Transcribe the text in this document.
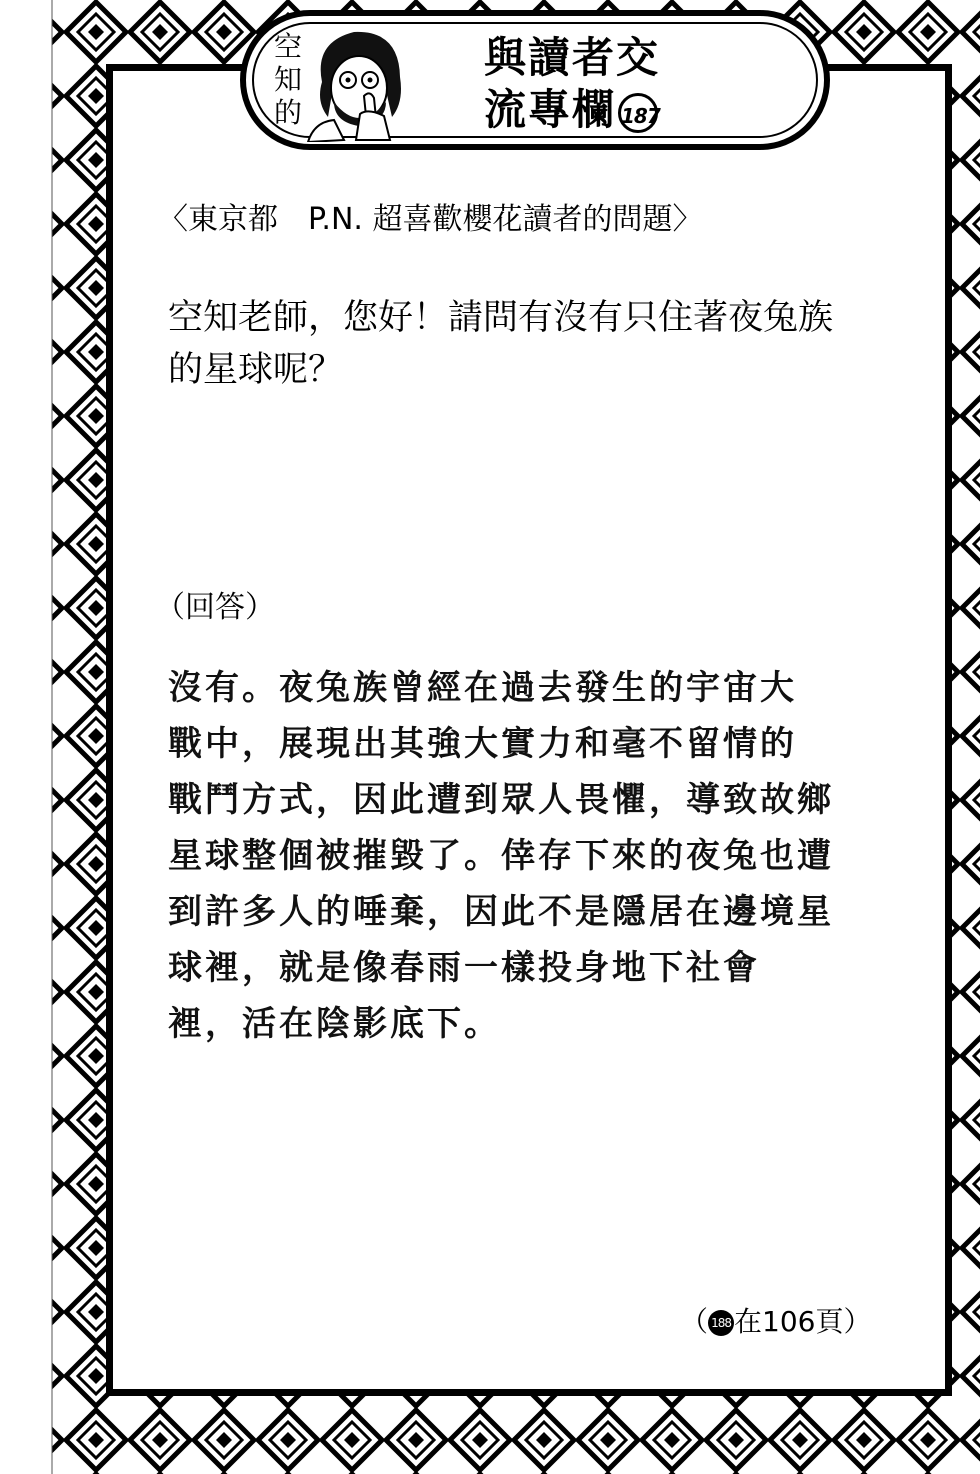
空
知
的
與讀者交
流專欄 187
〈東京都　P.N. 超喜歡櫻花讀者的問題〉
空知老師，您好！請問有沒有只住著夜兔族
的星球呢？
（回答）
沒有。夜兔族曾經在過去發生的宇宙大
戰中，展現出其強大實力和毫不留情的
戰鬥方式，因此遭到眾人畏懼，導致故鄉
星球整個被摧毀了。倖存下來的夜兔也遭
到許多人的唾棄，因此不是隱居在邊境星
球裡，就是像春雨一樣投身地下社會
裡，活在陰影底下。
（ 188 在106頁）
